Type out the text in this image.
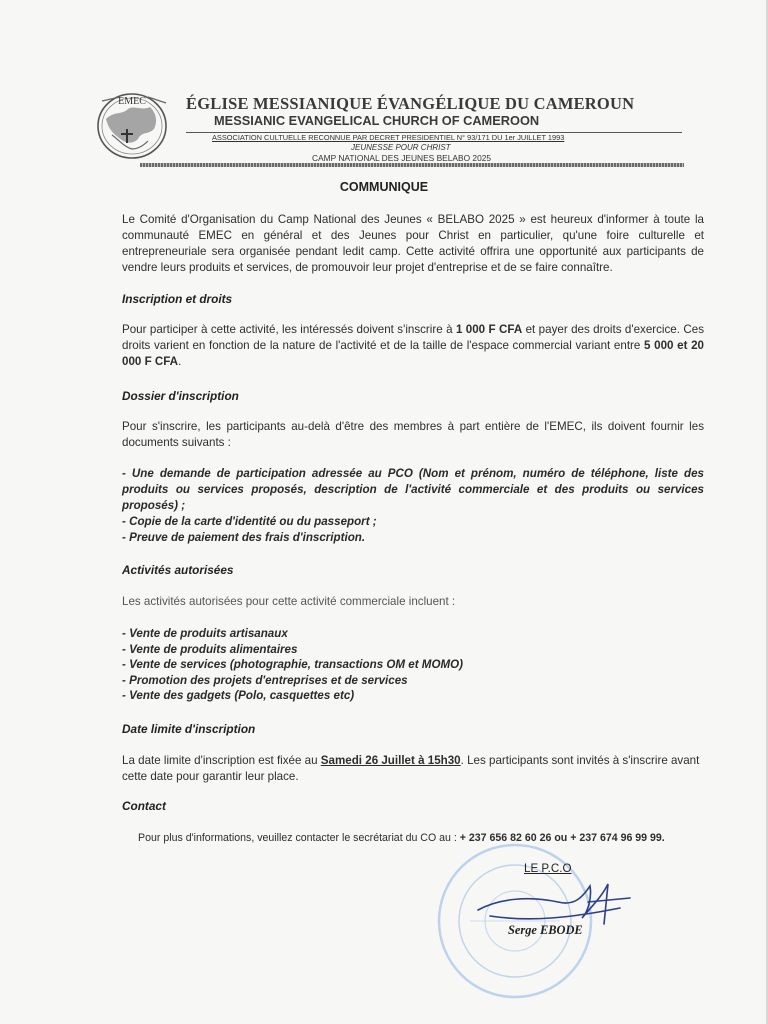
EMEC ÉGLISE MESSIANIQUE ÉVANGÉLIQUE DU CAMEROUN
MESSIANIC EVANGELICAL CHURCH OF CAMEROON
ASSOCIATION CULTUELLE RECONNUE PAR DECRET PRESIDENTIEL N° 93/171 DU 1er JUILLET 1993
JEUNESSE POUR CHRIST
CAMP NATIONAL DES JEUNES BELABO 2025
COMMUNIQUE

Le Comité d'Organisation du Camp National des Jeunes « BELABO 2025 » est heureux d'informer à toute la communauté EMEC en général et des Jeunes pour Christ en particulier, qu'une foire culturelle et entrepreneuriale sera organisée pendant ledit camp. Cette activité offrira une opportunité aux participants de vendre leurs produits et services, de promouvoir leur projet d'entreprise et de se faire connaître.

Inscription et droits

Pour participer à cette activité, les intéressés doivent s'inscrire à 1 000 F CFA et payer des droits d'exercice. Ces droits varient en fonction de la nature de l'activité et de la taille de l'espace commercial variant entre 5 000 et 20 000 F CFA.

Dossier d'inscription

Pour s'inscrire, les participants au-delà d'être des membres à part entière de l'EMEC, ils doivent fournir les documents suivants :

- Une demande de participation adressée au PCO (Nom et prénom, numéro de téléphone, liste des produits ou services proposés, description de l'activité commerciale et des produits ou services proposés) ;
- Copie de la carte d'identité ou du passeport ;
- Preuve de paiement des frais d'inscription.
Activités autorisées

Les activités autorisées pour cette activité commerciale incluent :

- Vente de produits artisanaux
- Vente de produits alimentaires
- Vente de services (photographie, transactions OM et MOMO)
- Promotion des projets d'entreprises et de services
- Vente des gadgets (Polo, casquettes etc)
Date limite d'inscription

La date limite d'inscription est fixée au Samedi 26 Juillet à 15h30. Les participants sont invités à s'inscrire avant cette date pour garantir leur place.

Contact
Pour plus d'informations, veuillez contacter le secrétariat du CO au : + 237 656 82 60 26 ou + 237 674 96 99 99.
LE P.C.O
Serge EBODE
